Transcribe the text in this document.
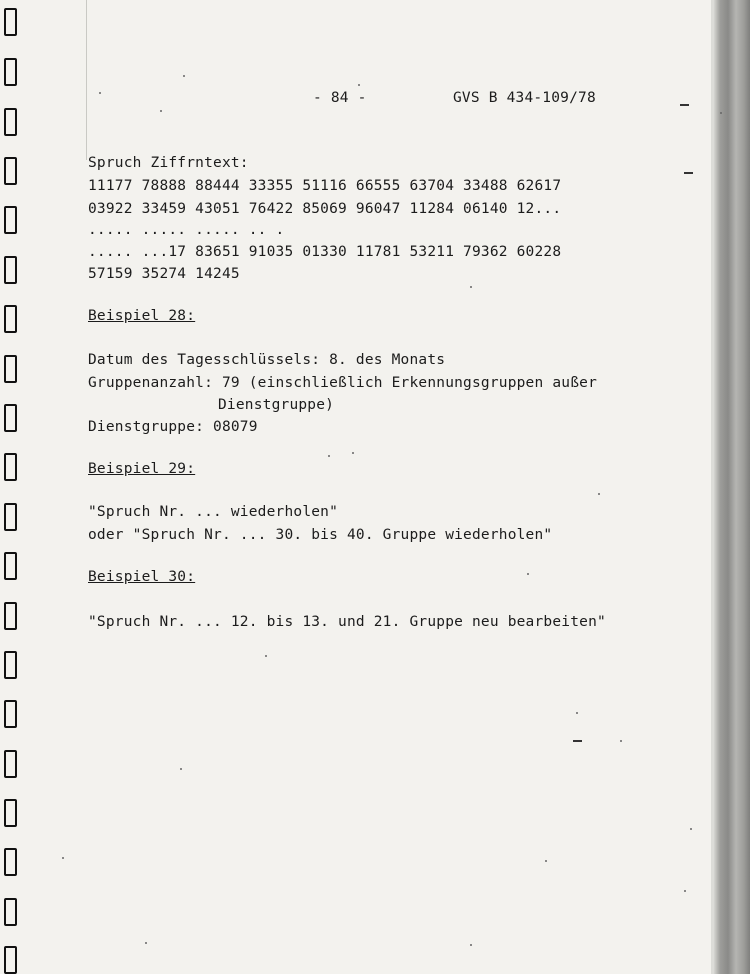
- 84 -	GVS B 434-109/78
Spruch Ziffrntext:
11177 78888 88444 33355 51116 66555 63704 33488 62617
03922 33459 43051 76422 85069 96047 11284 06140 12...
..... ..... ..... .. .
..... ...17 83651 91035 01330 11781 53211 79362 60228
57159 35274 14245
Beispiel 28:
Datum des Tagesschlüssels: 8. des Monats
Gruppenanzahl: 79 (einschließlich Erkennungsgruppen außer
Dienstgruppe)
Dienstgruppe: 08079
Beispiel 29:
"Spruch Nr. ... wiederholen"
oder "Spruch Nr. ... 30. bis 40. Gruppe wiederholen"
Beispiel 30:
"Spruch Nr. ... 12. bis 13. und 21. Gruppe neu bearbeiten"
